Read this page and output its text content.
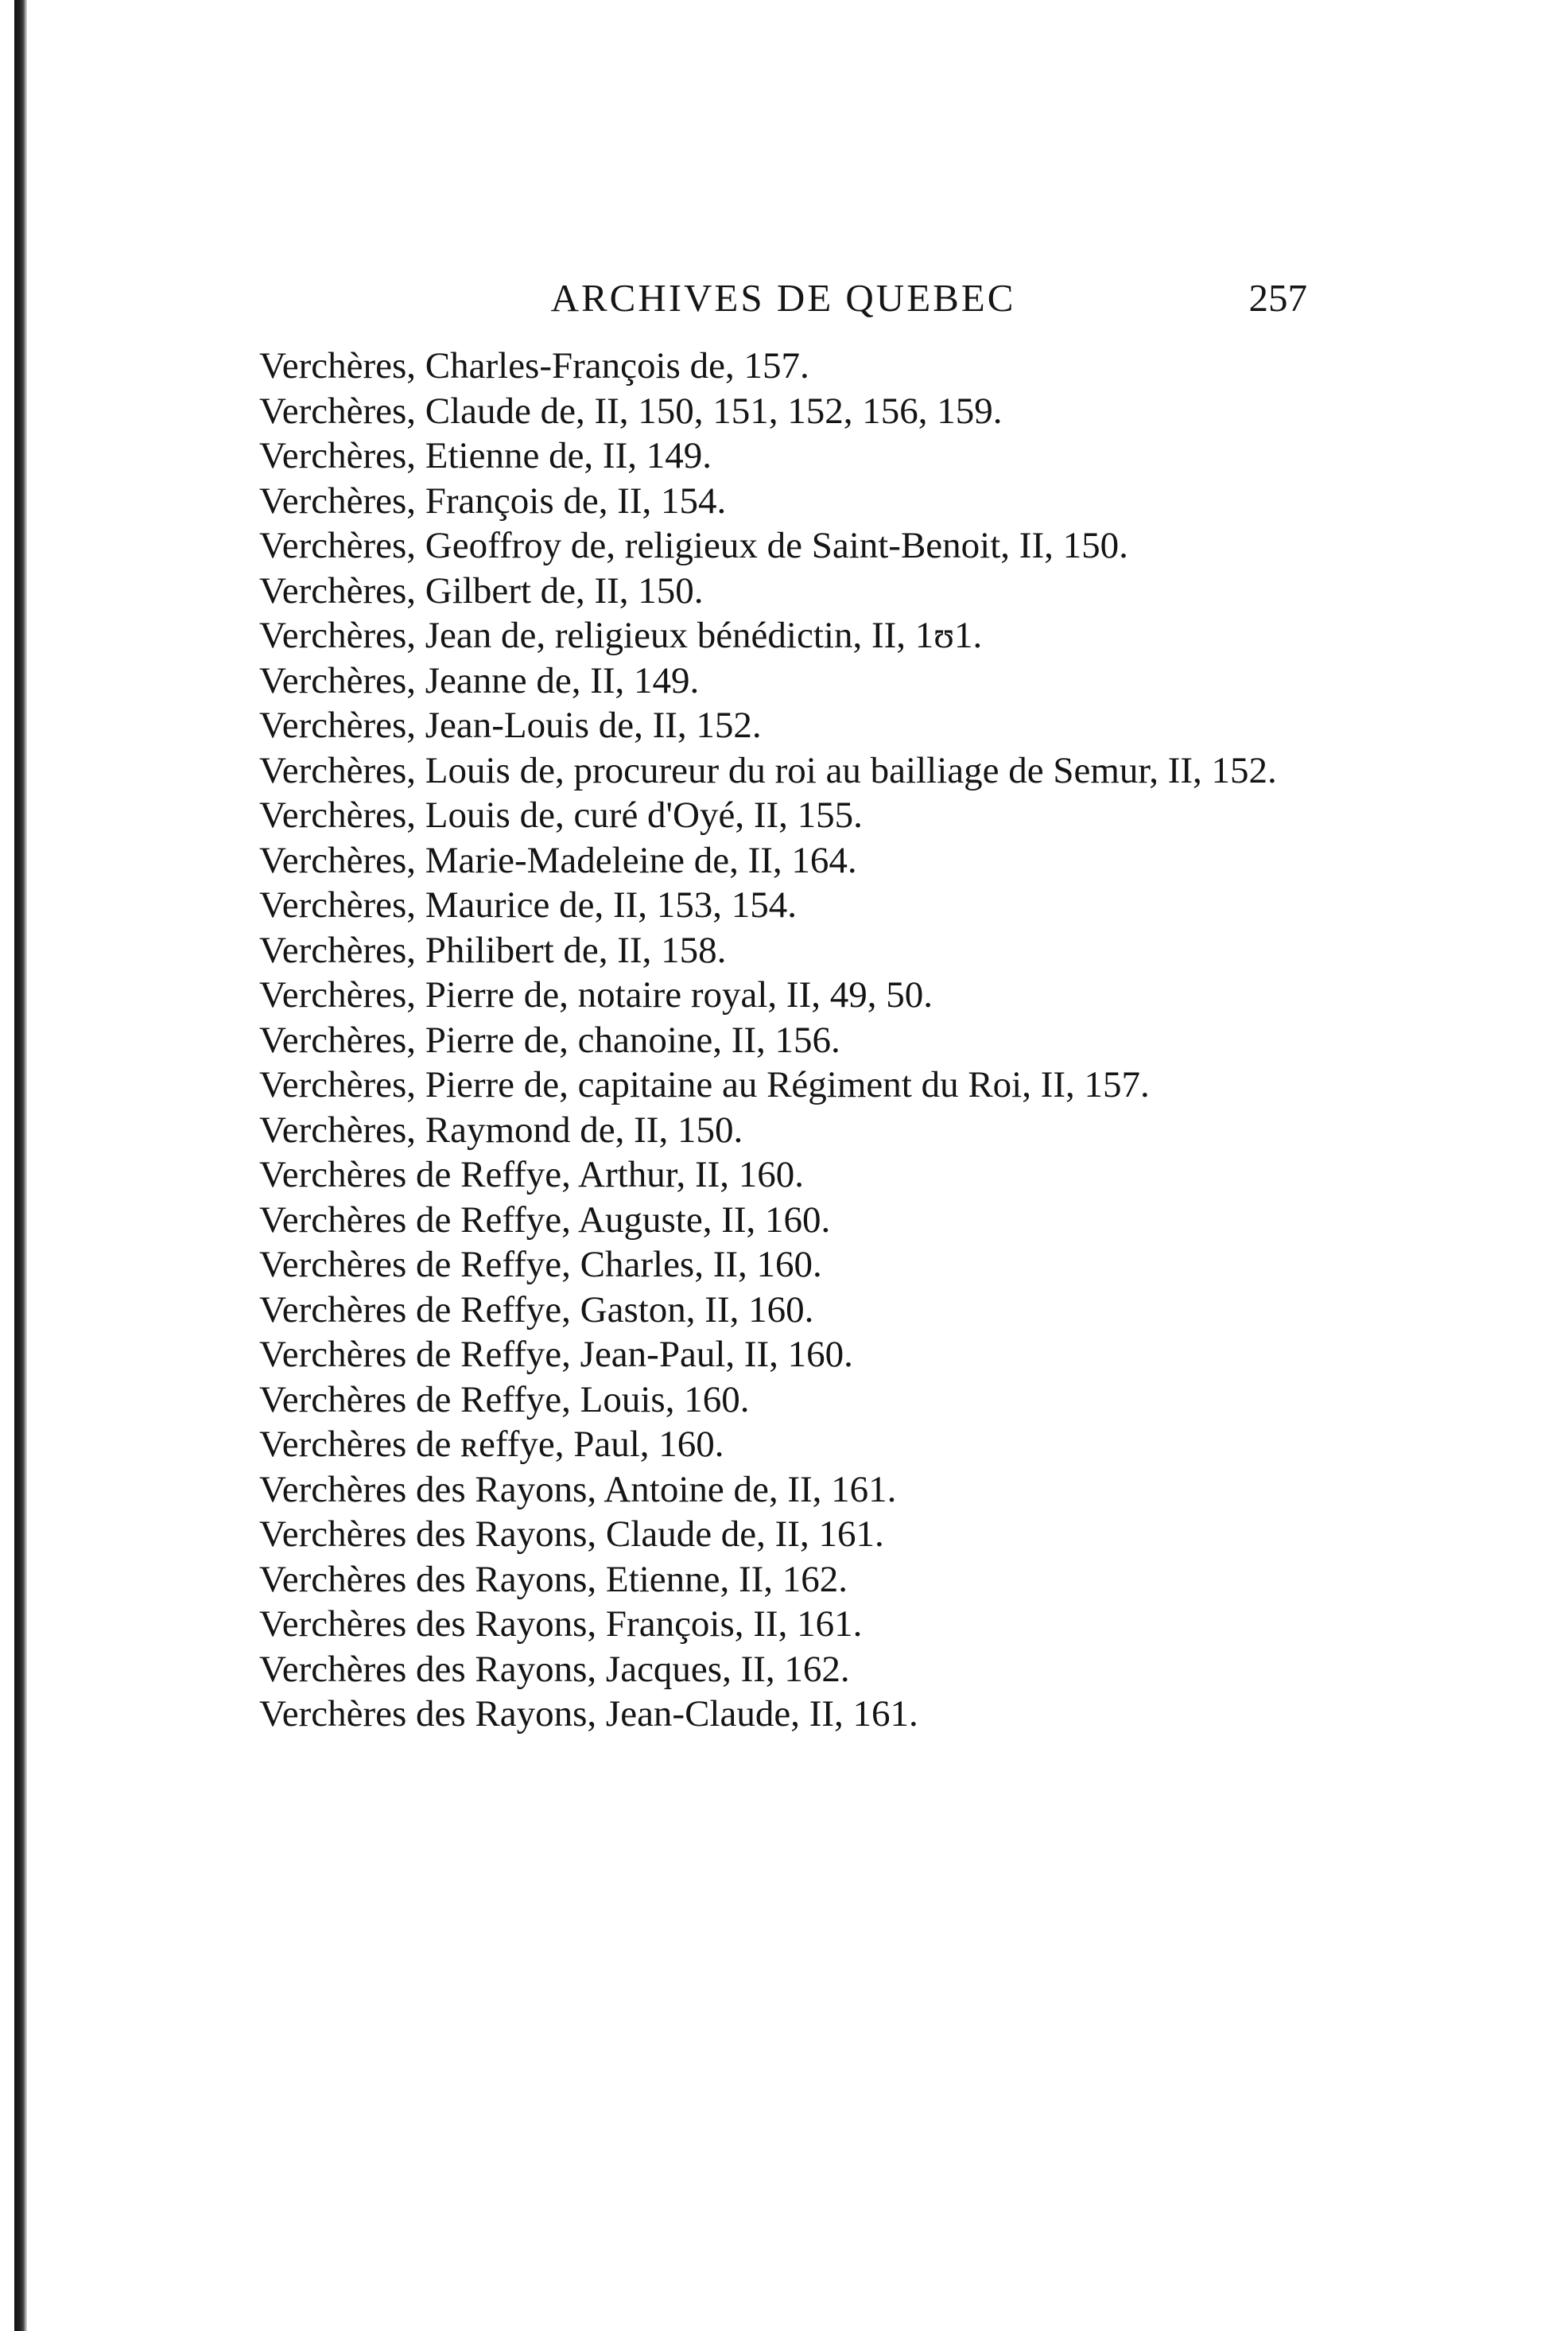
ARCHIVES DE QUEBEC	257
Verchères, Charles-François de, 157.
Verchères, Claude de, II, 150, 151, 152, 156, 159.
Verchères, Etienne de, II, 149.
Verchères, François de, II, 154.
Verchères, Geoffroy de, religieux de Saint-Benoit, II, 150.
Verchères, Gilbert de, II, 150.
Verchères, Jean de, religieux bénédictin, II, 1ʊ1.
Verchères, Jeanne de, II, 149.
Verchères, Jean-Louis de, II, 152.
Verchères, Louis de, procureur du roi au bailliage de Semur, II, 152.
Verchères, Louis de, curé d'Oyé, II, 155.
Verchères, Marie-Madeleine de, II, 164.
Verchères, Maurice de, II, 153, 154.
Verchères, Philibert de, II, 158.
Verchères, Pierre de, notaire royal, II, 49, 50.
Verchères, Pierre de, chanoine, II, 156.
Verchères, Pierre de, capitaine au Régiment du Roi, II, 157.
Verchères, Raymond de, II, 150.
Verchères de Reffye, Arthur, II, 160.
Verchères de Reffye, Auguste, II, 160.
Verchères de Reffye, Charles, II, 160.
Verchères de Reffye, Gaston, II, 160.
Verchères de Reffye, Jean-Paul, II, 160.
Verchères de Reffye, Louis, 160.
Verchères de ʀeffye, Paul, 160.
Verchères des Rayons, Antoine de, II, 161.
Verchères des Rayons, Claude de, II, 161.
Verchères des Rayons, Etienne, II, 162.
Verchères des Rayons, François, II, 161.
Verchères des Rayons, Jacques, II, 162.
Verchères des Rayons, Jean-Claude, II, 161.
